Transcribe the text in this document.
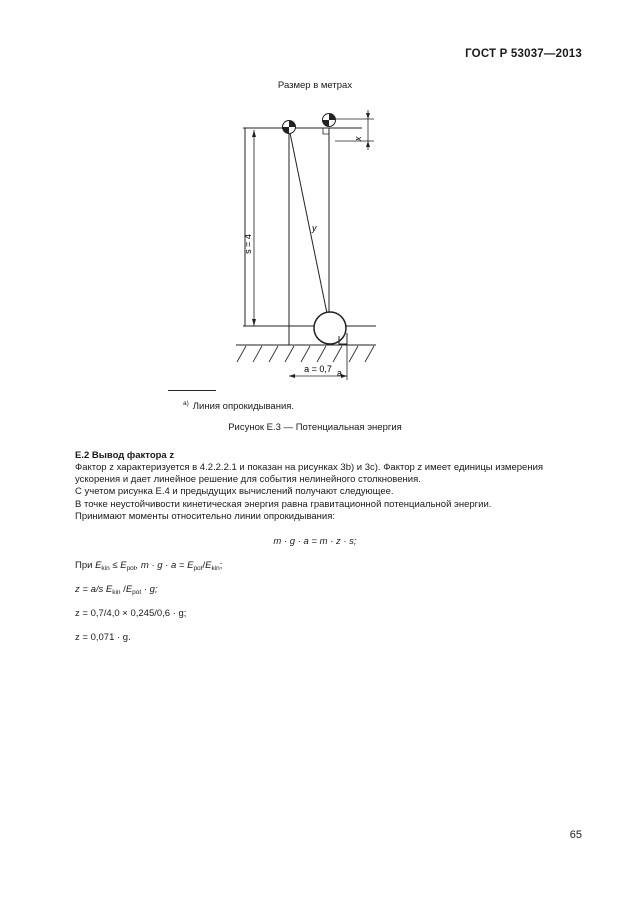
ГОСТ Р 53037—2013
Размер в метрах
x
s = 4
y
a = 0,7 a
$^{a)}$ Линия опрокидывания.
Рисунок Е.3 — Потенциальная энергия
Е.2 Вывод фактора z
Фактор z характеризуется в 4.2.2.2.1 и показан на рисунках 3b) и 3c). Фактор z имеет единицы измерения
ускорения и дает линейное решение для события нелинейного столкновения.
С учетом рисунка Е.4 и предыдущих вычислений получают следующее.
В точке неустойчивости кинетическая энергия равна гравитационной потенциальной энергии.
Принимают моменты относительно линии опрокидывания:
m · g · a = m · z · s;
При $E_{kin} \le E_{pot}$, $m \cdot g \cdot a = E_{pot}/E_{kin}$;
z = a/s $E_{kin}$ $/E_{pot} \cdot g$;
z = 0,7/4,0 × 0,245/0,6 · g;
z = 0,071 · g.
65
